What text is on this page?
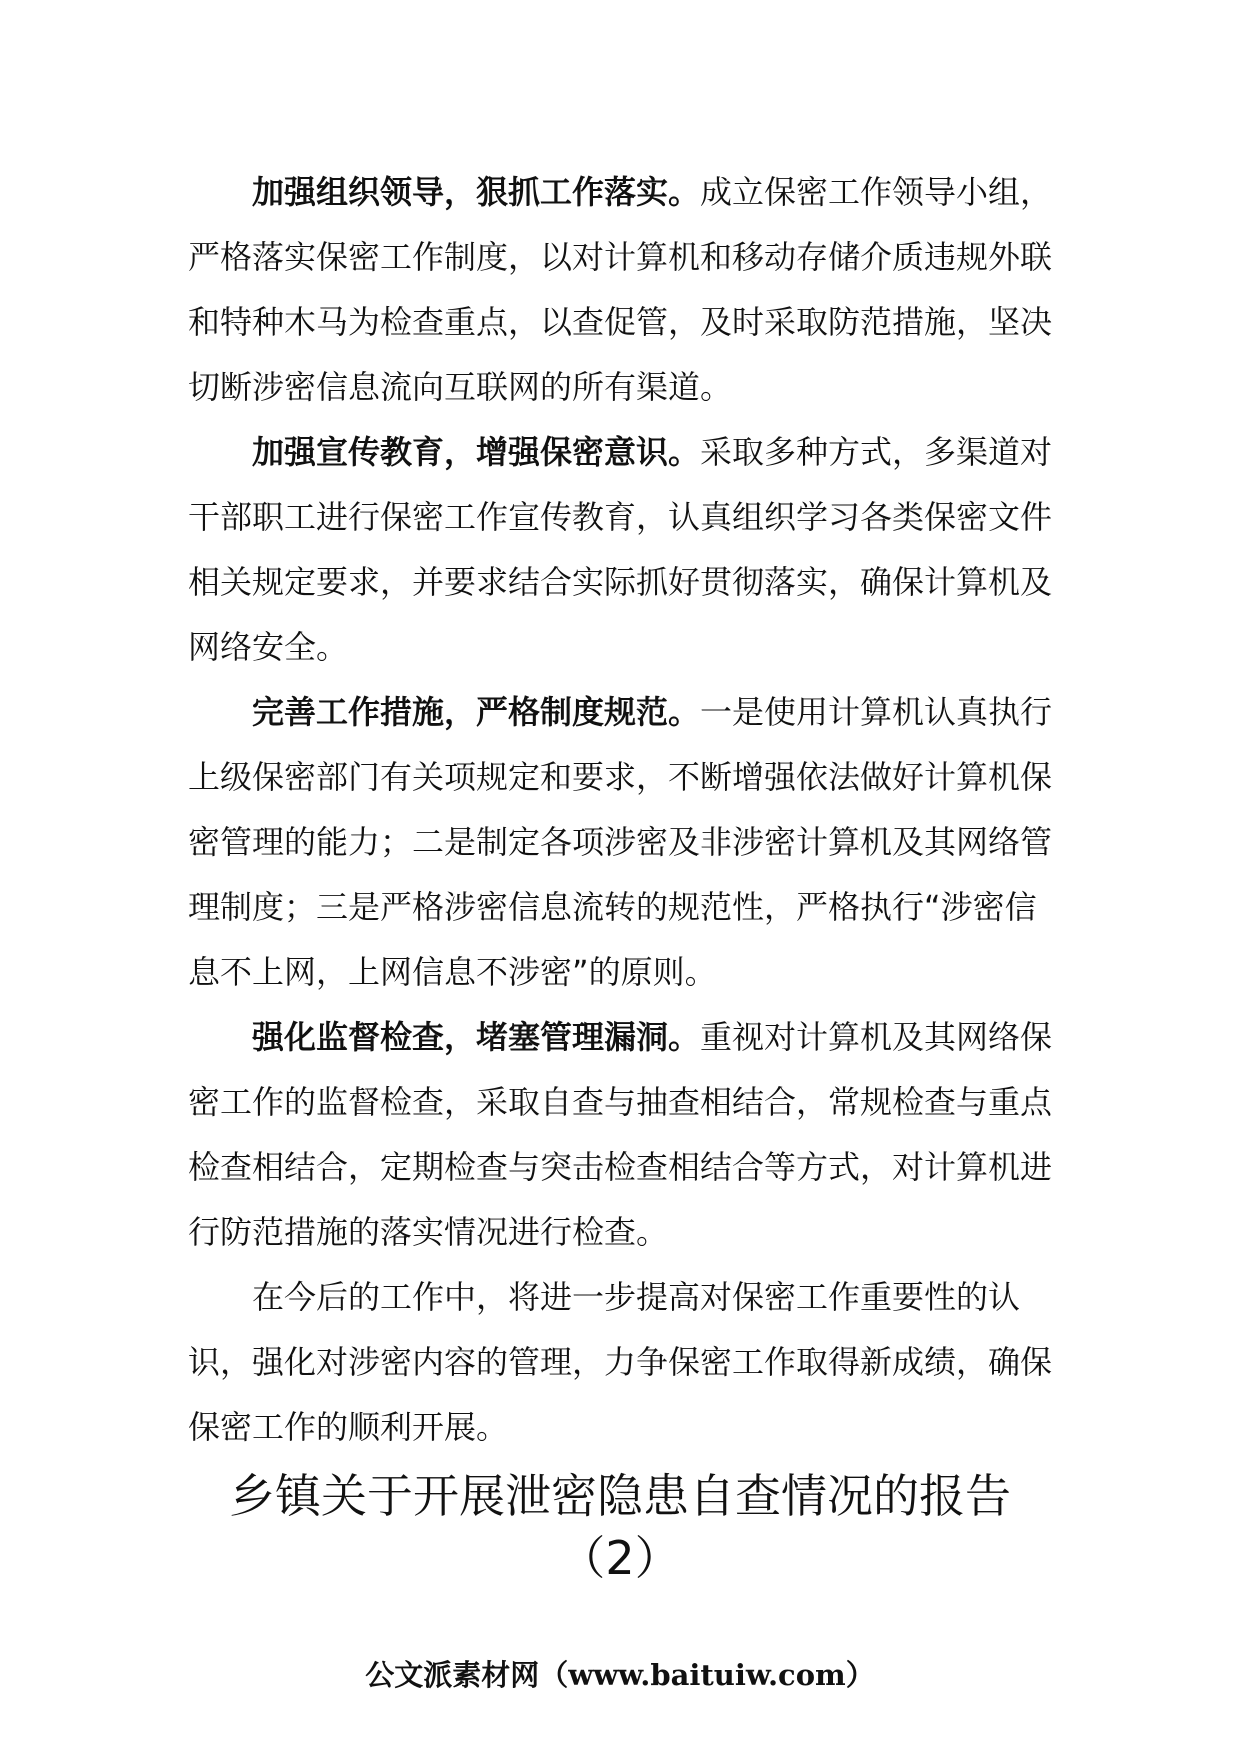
加强组织领导，狠抓工作落实。成立保密工作领导小组，严格落实保密工作制度，以对计算机和移动存储介质违规外联和特种木马为检查重点，以查促管，及时采取防范措施，坚决切断涉密信息流向互联网的所有渠道。

加强宣传教育，增强保密意识。采取多种方式，多渠道对干部职工进行保密工作宣传教育，认真组织学习各类保密文件相关规定要求，并要求结合实际抓好贯彻落实，确保计算机及网络安全。

完善工作措施，严格制度规范。一是使用计算机认真执行上级保密部门有关项规定和要求，不断增强依法做好计算机保密管理的能力；二是制定各项涉密及非涉密计算机及其网络管理制度；三是严格涉密信息流转的规范性，严格执行“涉密信息不上网，上网信息不涉密”的原则。

强化监督检查，堵塞管理漏洞。重视对计算机及其网络保密工作的监督检查，采取自查与抽查相结合，常规检查与重点检查相结合，定期检查与突击检查相结合等方式，对计算机进行防范措施的落实情况进行检查。

在今后的工作中，将进一步提高对保密工作重要性的认识，强化对涉密内容的管理，力争保密工作取得新成绩，确保保密工作的顺利开展。

乡镇关于开展泄密隐患自查情况的报告
（2）
公文派素材网（www.baituiw.com）
